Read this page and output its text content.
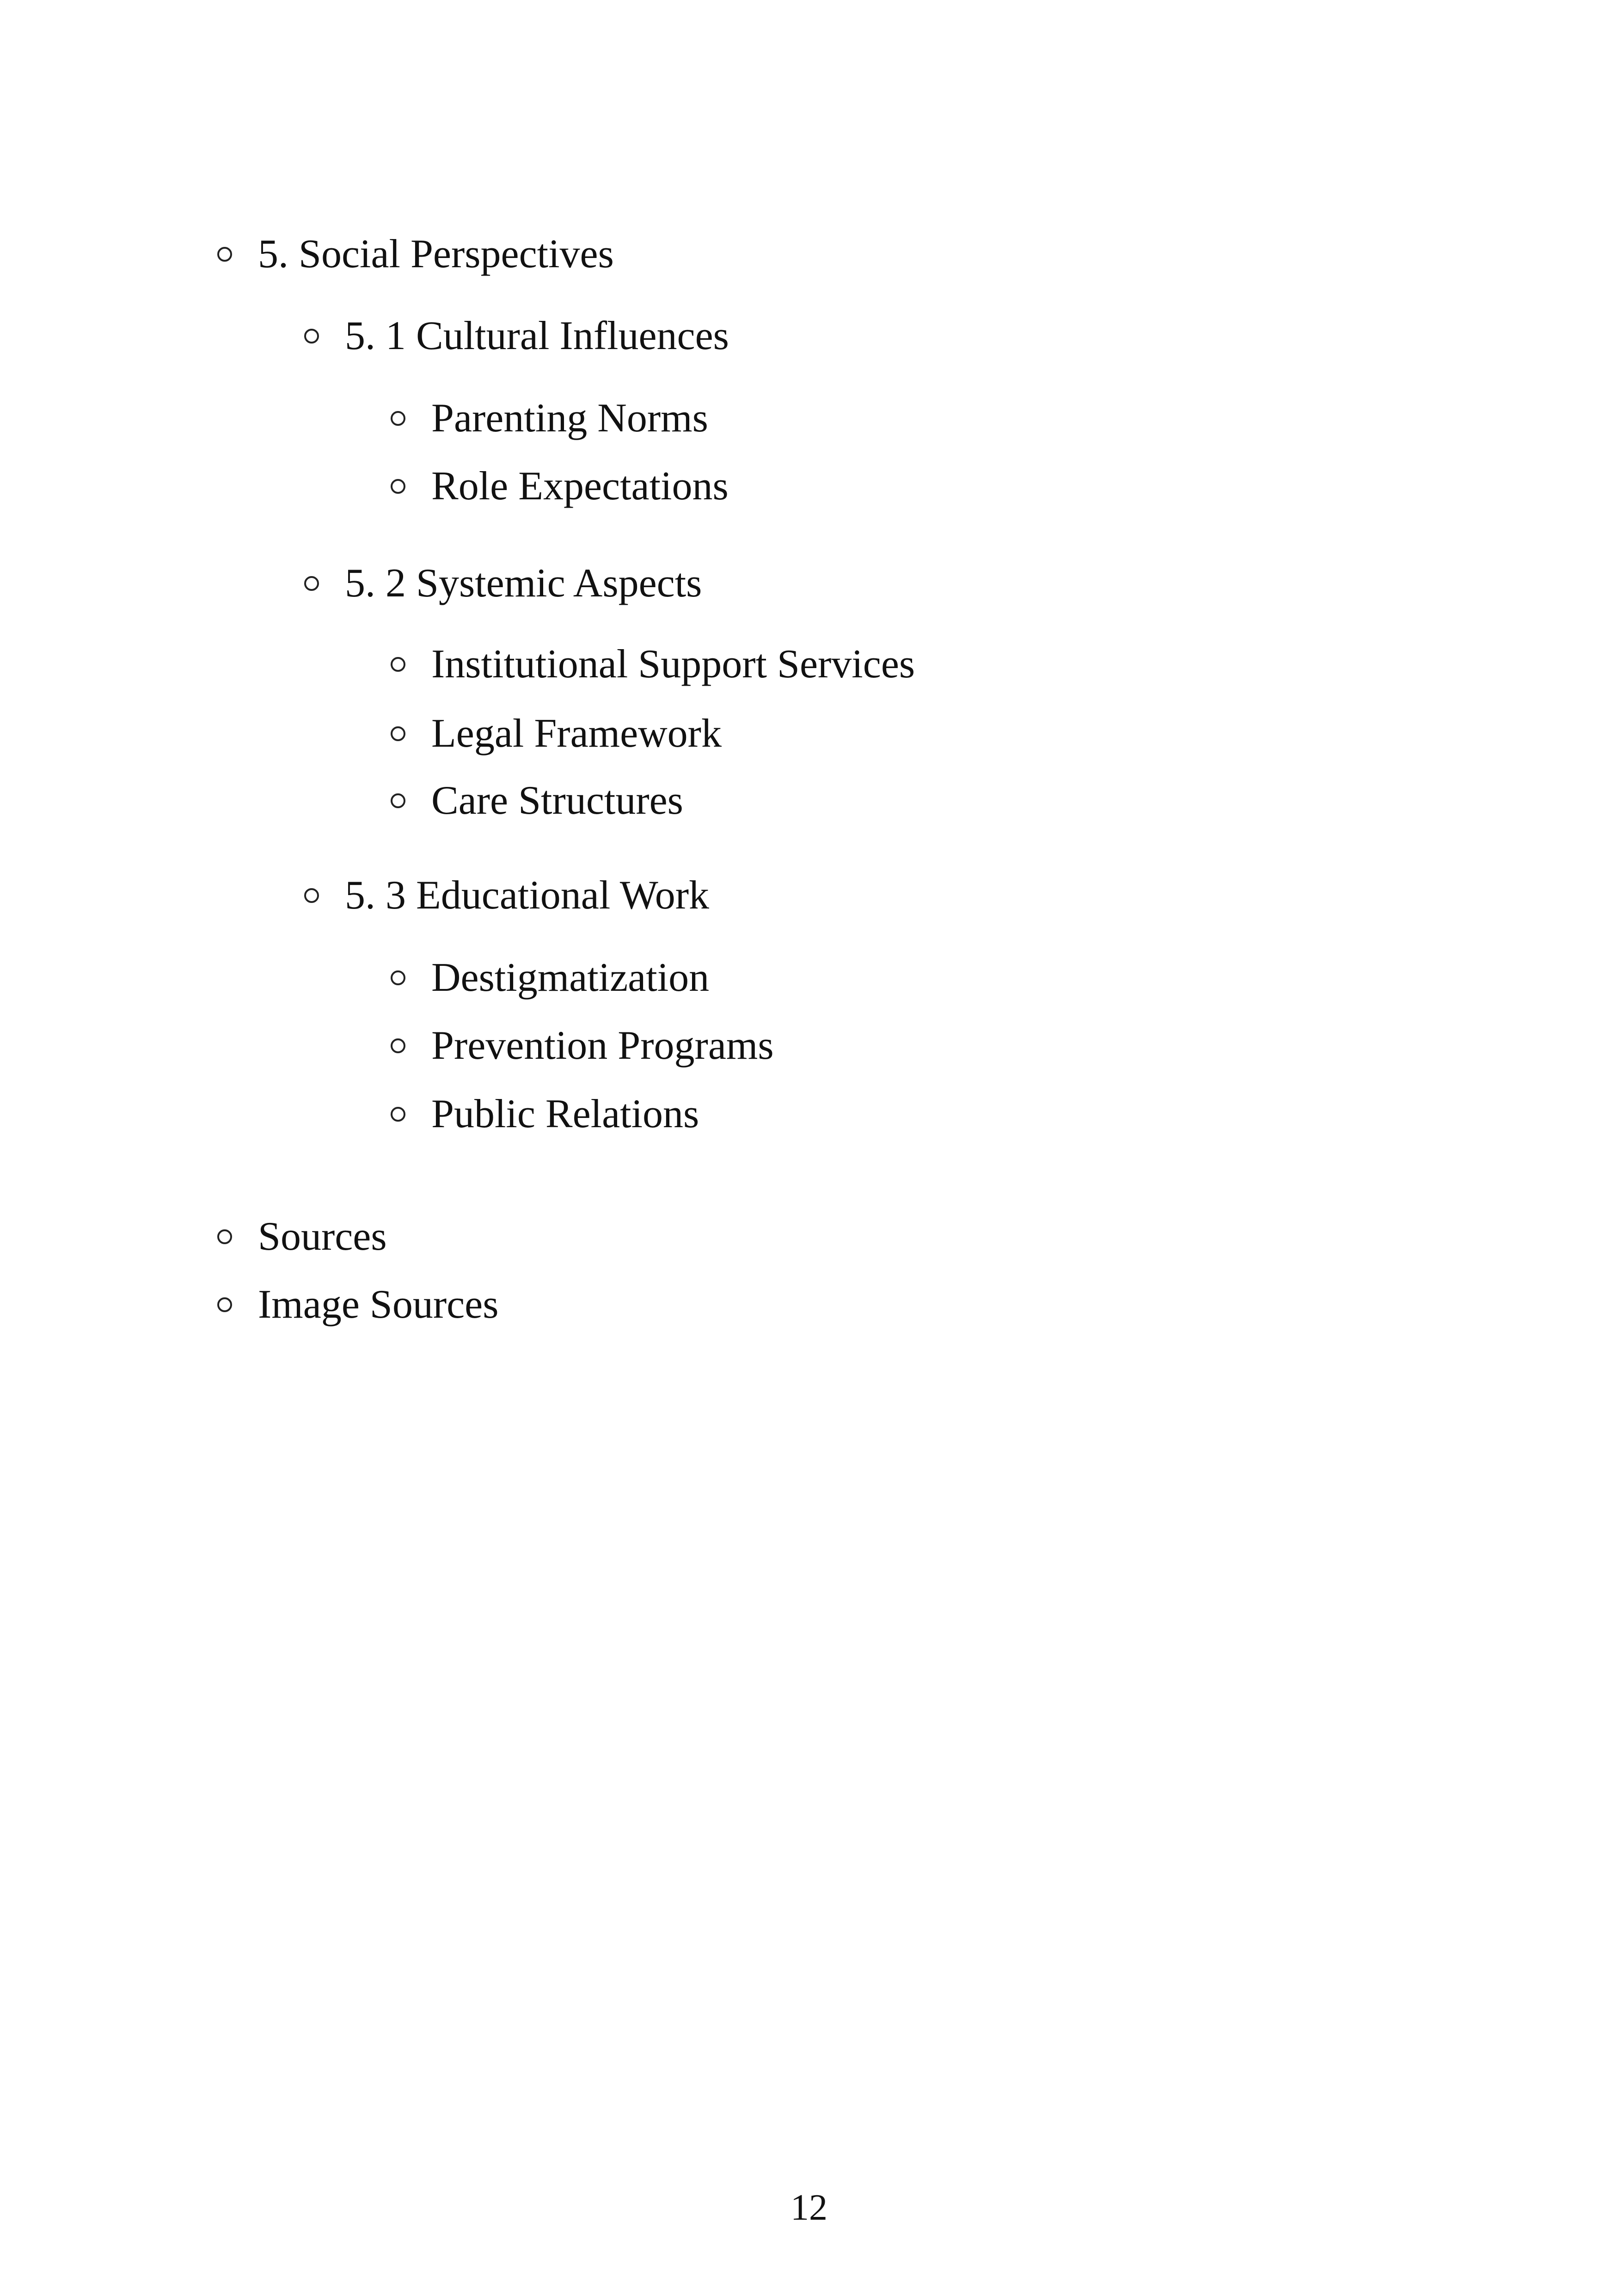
5. Social Perspectives
5. 1 Cultural Influences
Parenting Norms
Role Expectations
5. 2 Systemic Aspects
Institutional Support Services
Legal Framework
Care Structures
5. 3 Educational Work
Destigmatization
Prevention Programs
Public Relations
Sources
Image Sources
12
